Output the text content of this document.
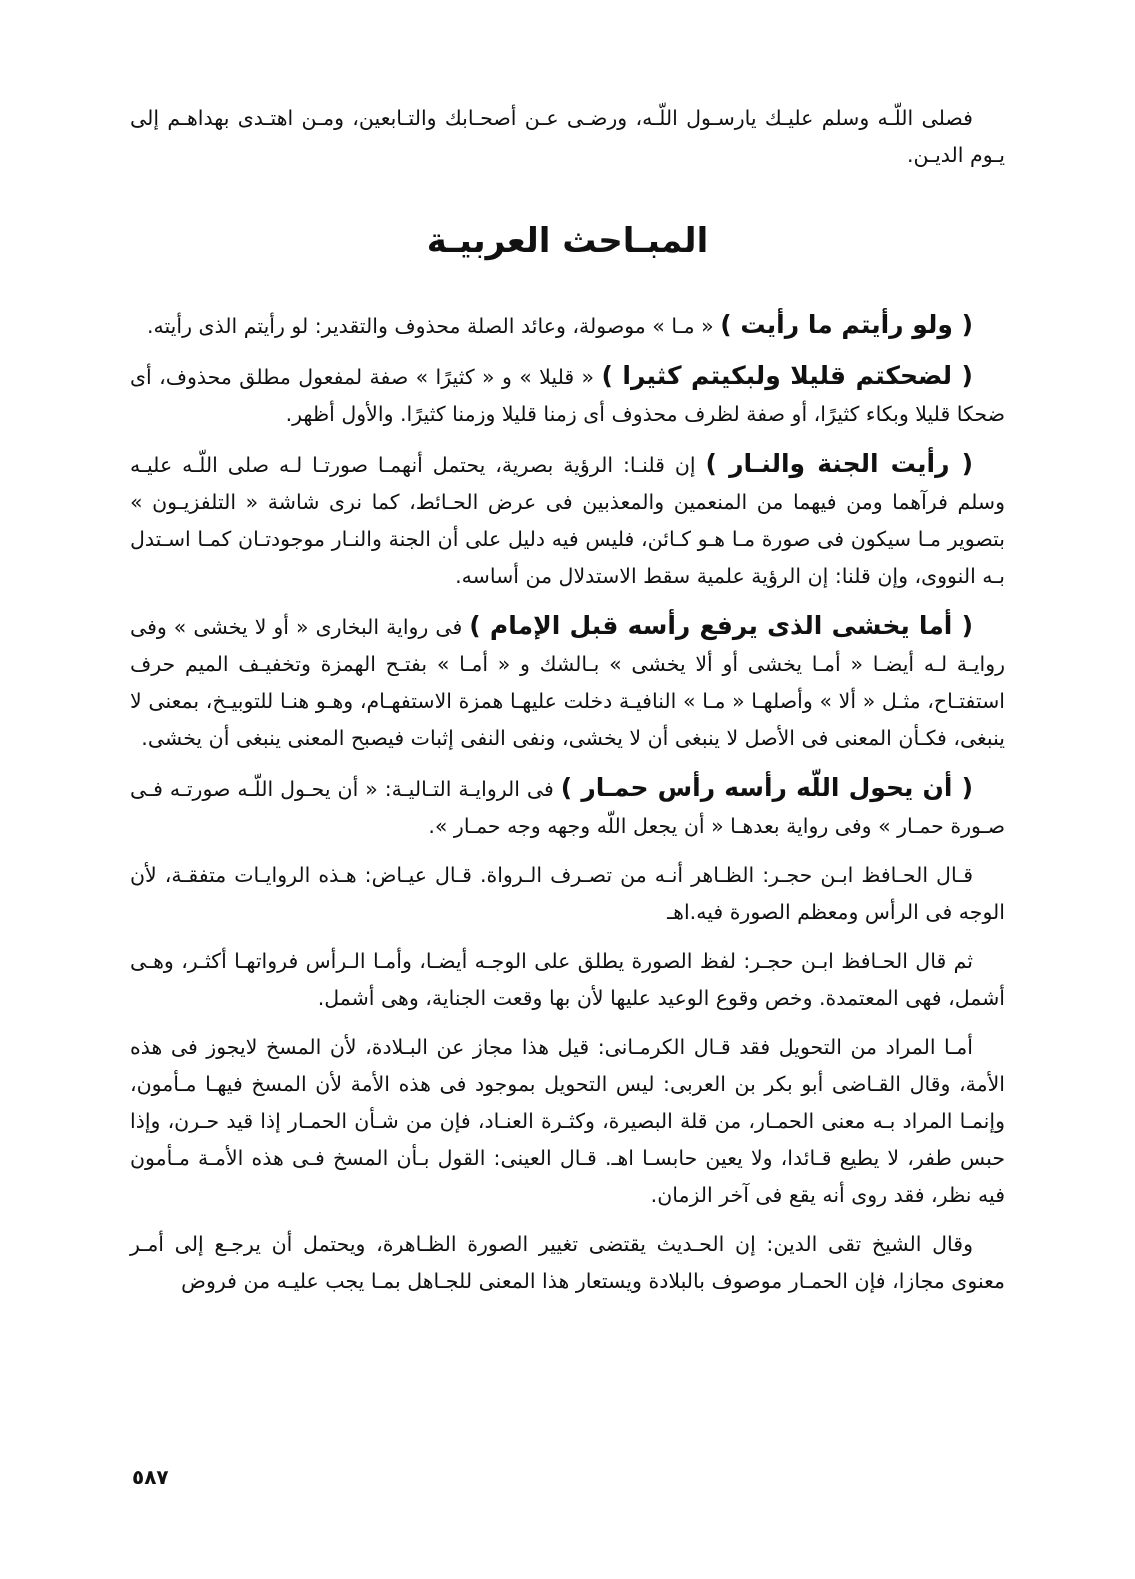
فصلى اللّـه وسلم عليـك يارسـول اللّـه، ورضـى عـن أصحـابك والتـابعين، ومـن اهتـدى بهداهـم إلى يـوم الديـن.

المبـاحث العربيـة

( ولو رأيتم ما رأيت ) « مـا » موصولة، وعائد الصلة محذوف والتقدير: لو رأيتم الذى رأيته.

( لضحكتم قليلا ولبكيتم كثيرا ) « قليلا » و « كثيرًا » صفة لمفعول مطلق محذوف، أى ضحكا قليلا وبكاء كثيرًا، أو صفة لظرف محذوف أى زمنا قليلا وزمنا كثيرًا. والأول أظهر.

( رأيت الجنة والنـار ) إن قلنـا: الرؤية بصرية، يحتمل أنهمـا صورتـا لـه صلى اللّـه عليـه وسلم فرآهما ومن فيهما من المنعمين والمعذبين فى عرض الحـائط، كما نرى شاشة « التلفزيـون » بتصوير مـا سيكون فى صورة مـا هـو كـائن، فليس فيه دليل على أن الجنة والنـار موجودتـان كمـا اسـتدل بـه النووى، وإن قلنا: إن الرؤية علمية سقط الاستدلال من أساسه.

( أما يخشى الذى يرفع رأسه قبل الإمام ) فى رواية البخارى « أو لا يخشى » وفى روايـة لـه أيضـا « أمـا يخشى أو ألا يخشى » بـالشك و « أمـا » بفتـح الهمزة وتخفيـف الميم حرف استفتـاح، مثـل « ألا » وأصلهـا « مـا » النافيـة دخلت عليهـا همزة الاستفهـام، وهـو هنـا للتوبيـخ، بمعنى لا ينبغى، فكـأن المعنى فى الأصل لا ينبغى أن لا يخشى، ونفى النفى إثبات فيصبح المعنى ينبغى أن يخشى.

( أن يحول اللّه رأسه رأس حمـار ) فى الروايـة التـاليـة: « أن يحـول اللّـه صورتـه فـى صـورة حمـار » وفى رواية بعدهـا « أن يجعل اللّه وجهه وجه حمـار ».

قـال الحـافظ ابـن حجـر: الظـاهر أنـه من تصـرف الـرواة. قـال عيـاض: هـذه الروايـات متفقـة، لأن الوجه فى الرأس ومعظم الصورة فيه.اهـ

ثم قال الحـافظ ابـن حجـر: لفظ الصورة يطلق على الوجـه أيضـا، وأمـا الـرأس فرواتهـا أكثـر، وهـى أشمل، فهى المعتمدة. وخص وقوع الوعيد عليها لأن بها وقعت الجناية، وهى أشمل.

أمـا المراد من التحويل فقد قـال الكرمـانى: قيل هذا مجاز عن البـلادة، لأن المسخ لايجوز فى هذه الأمة، وقال القـاضى أبو بكر بن العربى: ليس التحويل بموجود فى هذه الأمة لأن المسخ فيهـا مـأمون، وإنمـا المراد بـه معنى الحمـار، من قلة البصيرة، وكثـرة العنـاد، فإن من شـأن الحمـار إذا قيد حـرن، وإذا حبس طفر، لا يطيع قـائدا، ولا يعين حابسـا اهـ. قـال العينى: القول بـأن المسخ فـى هذه الأمـة مـأمون فيه نظر، فقد روى أنه يقع فى آخر الزمان.

وقال الشيخ تقى الدين: إن الحـديث يقتضى تغيير الصورة الظـاهرة، ويحتمل أن يرجـع إلى أمـر معنوى مجازا، فإن الحمـار موصوف بالبلادة ويستعار هذا المعنى للجـاهل بمـا يجب عليـه من فروض

٥٨٧
